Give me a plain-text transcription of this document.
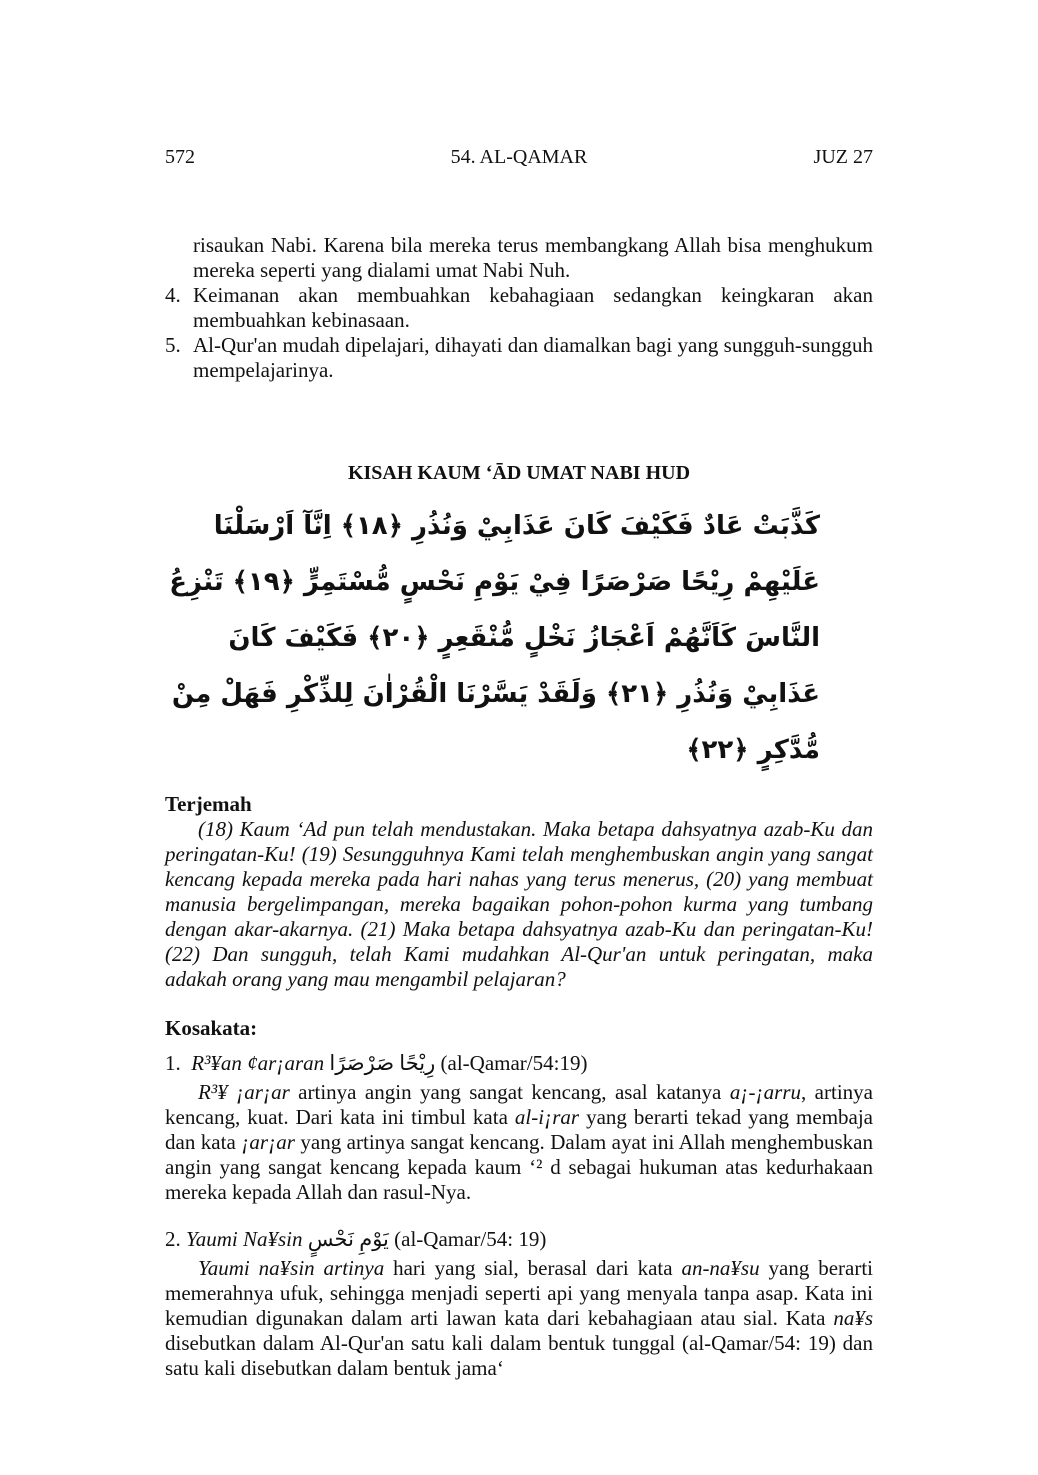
572	54. AL-QAMAR	JUZ 27
risaukan Nabi. Karena bila mereka terus membangkang Allah bisa menghukum mereka seperti yang dialami umat Nabi Nuh.
4. Keimanan akan membuahkan kebahagiaan sedangkan keingkaran akan membuahkan kebinasaan.
5. Al-Qur'an mudah dipelajari, dihayati dan diamalkan bagi yang sungguh-sungguh mempelajarinya.
KISAH KAUM ‘ĀD UMAT NABI HUD
كَذَّبَتْ عَادٌ فَكَيْفَ كَانَ عَذَابِيْ وَنُذُرِ ﴿١٨﴾ اِنَّآ اَرْسَلْنَا عَلَيْهِمْ رِيْحًا صَرْصَرًا فِيْ يَوْمِ نَحْسٍ مُّسْتَمِرٍّ ﴿١٩﴾ تَنْزِعُ النَّاسَ كَاَنَّهُمْ اَعْجَازُ نَخْلٍ مُّنْقَعِرٍ ﴿٢٠﴾ فَكَيْفَ كَانَ عَذَابِيْ وَنُذُرِ ﴿٢١﴾ وَلَقَدْ يَسَّرْنَا الْقُرْاٰنَ لِلذِّكْرِ فَهَلْ مِنْ مُّدَّكِرٍ ﴿٢٢﴾
Terjemah
(18) Kaum ‘Ad pun telah mendustakan. Maka betapa dahsyatnya azab-Ku dan peringatan-Ku! (19) Sesungguhnya Kami telah menghembuskan angin yang sangat kencang kepada mereka pada hari nahas yang terus menerus, (20) yang membuat manusia bergelimpangan, mereka bagaikan pohon-pohon kurma yang tumbang dengan akar-akarnya. (21) Maka betapa dahsyatnya azab-Ku dan peringatan-Ku! (22) Dan sungguh, telah Kami mudahkan Al-Qur'an untuk peringatan, maka adakah orang yang mau mengambil pelajaran?
Kosakata:
1. R³¥an ¢ar¡aran رِيْحًا صَرْصَرًا (al-Qamar/54:19)
R³¥ ¡ar¡ar artinya angin yang sangat kencang, asal katanya a¡-¡arru, artinya kencang, kuat. Dari kata ini timbul kata al-i¡rar yang berarti tekad yang membaja dan kata ¡ar¡ar yang artinya sangat kencang. Dalam ayat ini Allah menghembuskan angin yang sangat kencang kepada kaum ‘² d sebagai hukuman atas kedurhakaan mereka kepada Allah dan rasul-Nya.
2. Yaumi Na¥sin يَوْمِ نَحْسٍ (al-Qamar/54: 19)
Yaumi na¥sin artinya hari yang sial, berasal dari kata an-na¥su yang berarti memerahnya ufuk, sehingga menjadi seperti api yang menyala tanpa asap. Kata ini kemudian digunakan dalam arti lawan kata dari kebahagiaan atau sial. Kata na¥s disebutkan dalam Al-Qur'an satu kali dalam bentuk tunggal (al-Qamar/54: 19) dan satu kali disebutkan dalam bentuk jama‘
